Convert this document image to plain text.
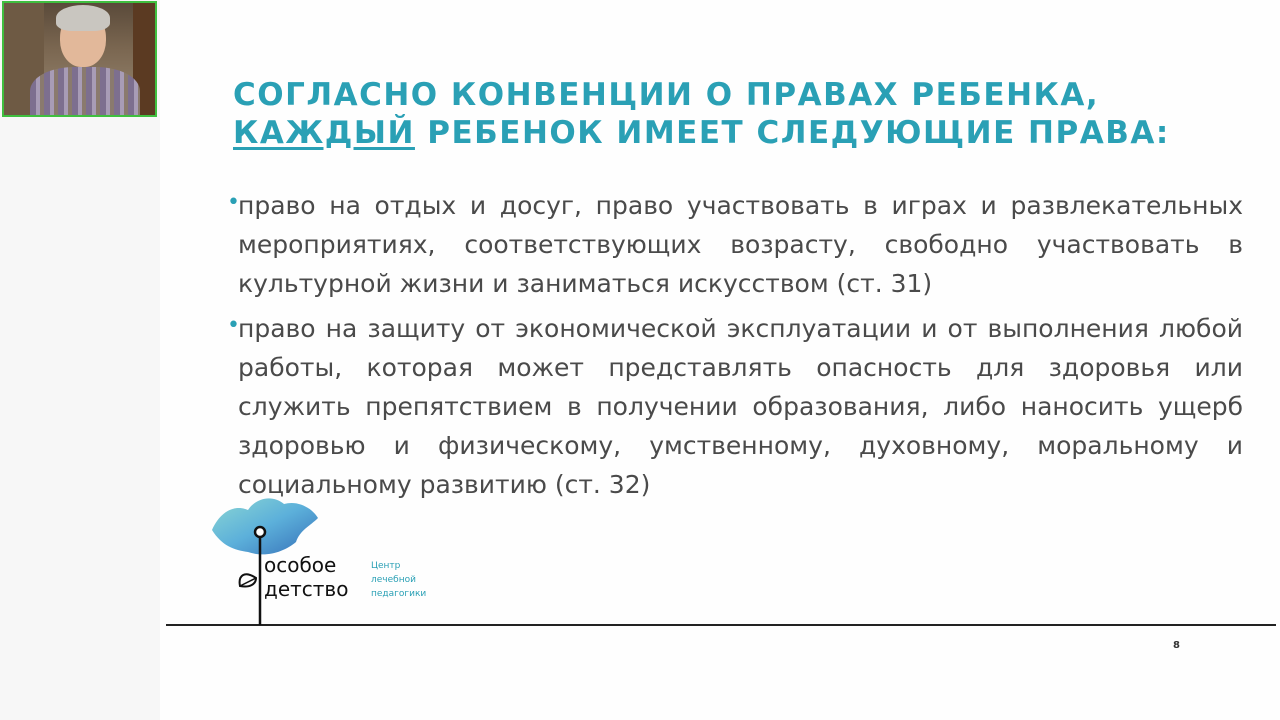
СОГЛАСНО КОНВЕНЦИИ О ПРАВАХ РЕБЕНКА,
КАЖДЫЙ РЕБЕНОК ИМЕЕТ СЛЕДУЮЩИЕ ПРАВА:
•
право на отдых и досуг, право участвовать в играх и развлекательных мероприятиях, соответствующих возрасту, свободно участвовать в культурной жизни и заниматься искусством (ст. 31)
•
право на защиту от экономической эксплуатации и от выполнения любой работы, которая может представлять опасность для здоровья или служить препятствием в получении образования, либо наносить ущерб здоровью и физическому, умственному, духовному, моральному и социальному развитию (ст. 32)
особое
детство
Центр
лечебной
педагогики
8
